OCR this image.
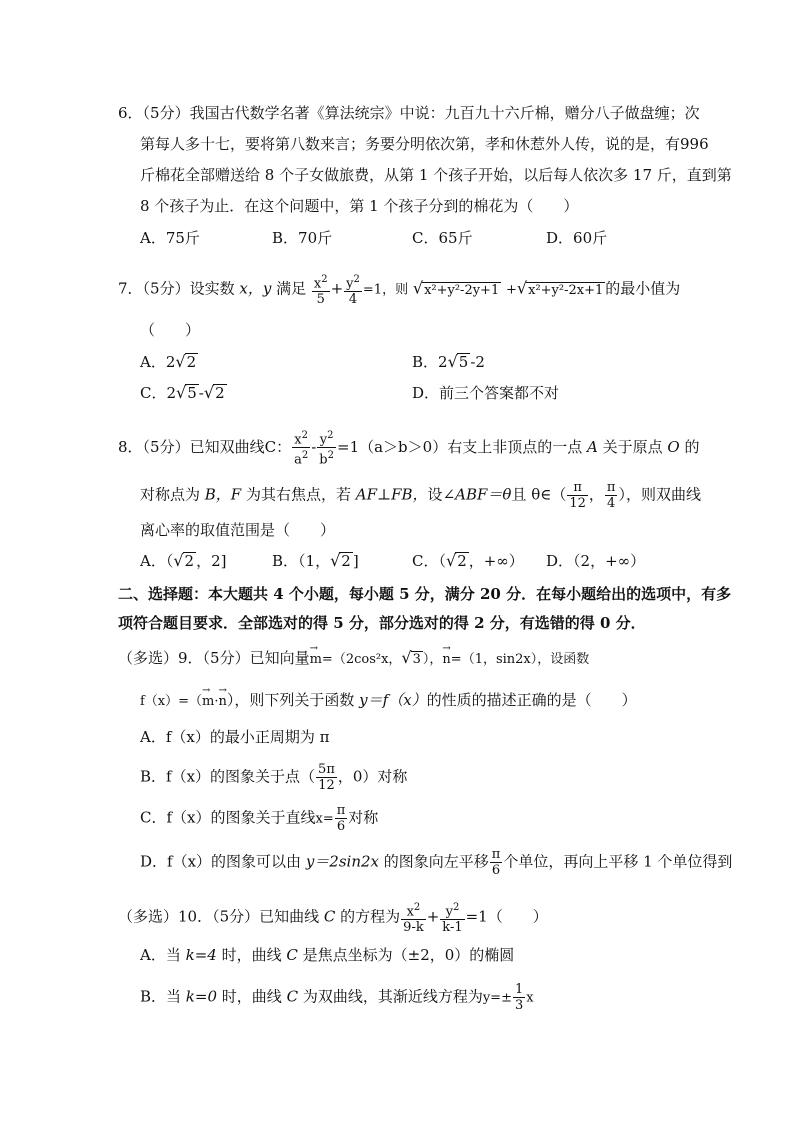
6．（5分）我国古代数学名著《算法统宗》中说：九百九十六斤棉，赠分八子做盘缠；次
第每人多十七，要将第八数来言；务要分明依次第，孝和休惹外人传，说的是，有996
斤棉花全部赠送给 8 个子女做旅费，从第 1 个孩子开始，以后每人依次多 17 斤，直到第
8 个孩子为止．在这个问题中，第 1 个孩子分到的棉花为（　　）
A．75斤	B．70斤	C．65斤	D．60斤
7．（5分）设实数 x，y 满足 $\frac{x^2}{5} + \frac{y^2}{4} =1$，则 √x²+y²-2y+1 +√x²+y²-2x+1 的最小值为
（　　）
A．2√2	B．2√5 -2
C．2√5 -√2	D．前三个答案都不对
8．（5分）已知双曲线C： $\frac{x^2}{a^2} - \frac{y^2}{b^2} =1(a>b>0)$右支上非顶点的一点 A 关于原点 O 的
对称点为 B，F 为其右焦点，若 AF⊥FB，设∠ABF＝θ且 θ∈（ $\frac{\pi}{12}$ ， $\frac{\pi}{4}$ ），则双曲线
离心率的取值范围是（　　）
A．（√2 ，2]	B．（1，√2 ]	C．（√2 ，+∞） D．（2，+∞）
二、选择题：本大题共 4 个小题，每小题 5 分，满分 20 分．在每小题给出的选项中，有多
项符合题目要求．全部选对的得 5 分，部分选对的得 2 分，有选错的得 0 分．
（多选）9．（5分）已知向量→ m=（2cos²x，√3 ），→ n=（1，sin2x），设函数
f（x）=（→ m·→ n），则下列关于函数 y＝f（x）的性质的描述正确的是（　　）
A．f（x）的最小正周期为 π
B．f（x）的图象关于点（ $\frac{5\pi}{12}$ ，0）对称
C．f（x）的图象关于直线$x= \frac{\pi}{6}$ 对称
D．f（x）的图象可以由 y＝2sin2x 的图象向左平移 $\frac{\pi}{6}$ 个单位，再向上平移 1 个单位得到
（多选）10．（5分）已知曲线 C 的方程为 $\frac{x^2}{9-k} + \frac{y^2}{k-1} =1$（　　）
A．当 k=4 时，曲线 C 是焦点坐标为（±2，0）的椭圆
B．当 k=0 时，曲线 C 为双曲线，其渐近线方程为$y=\pm \frac{1}{3}$ x
